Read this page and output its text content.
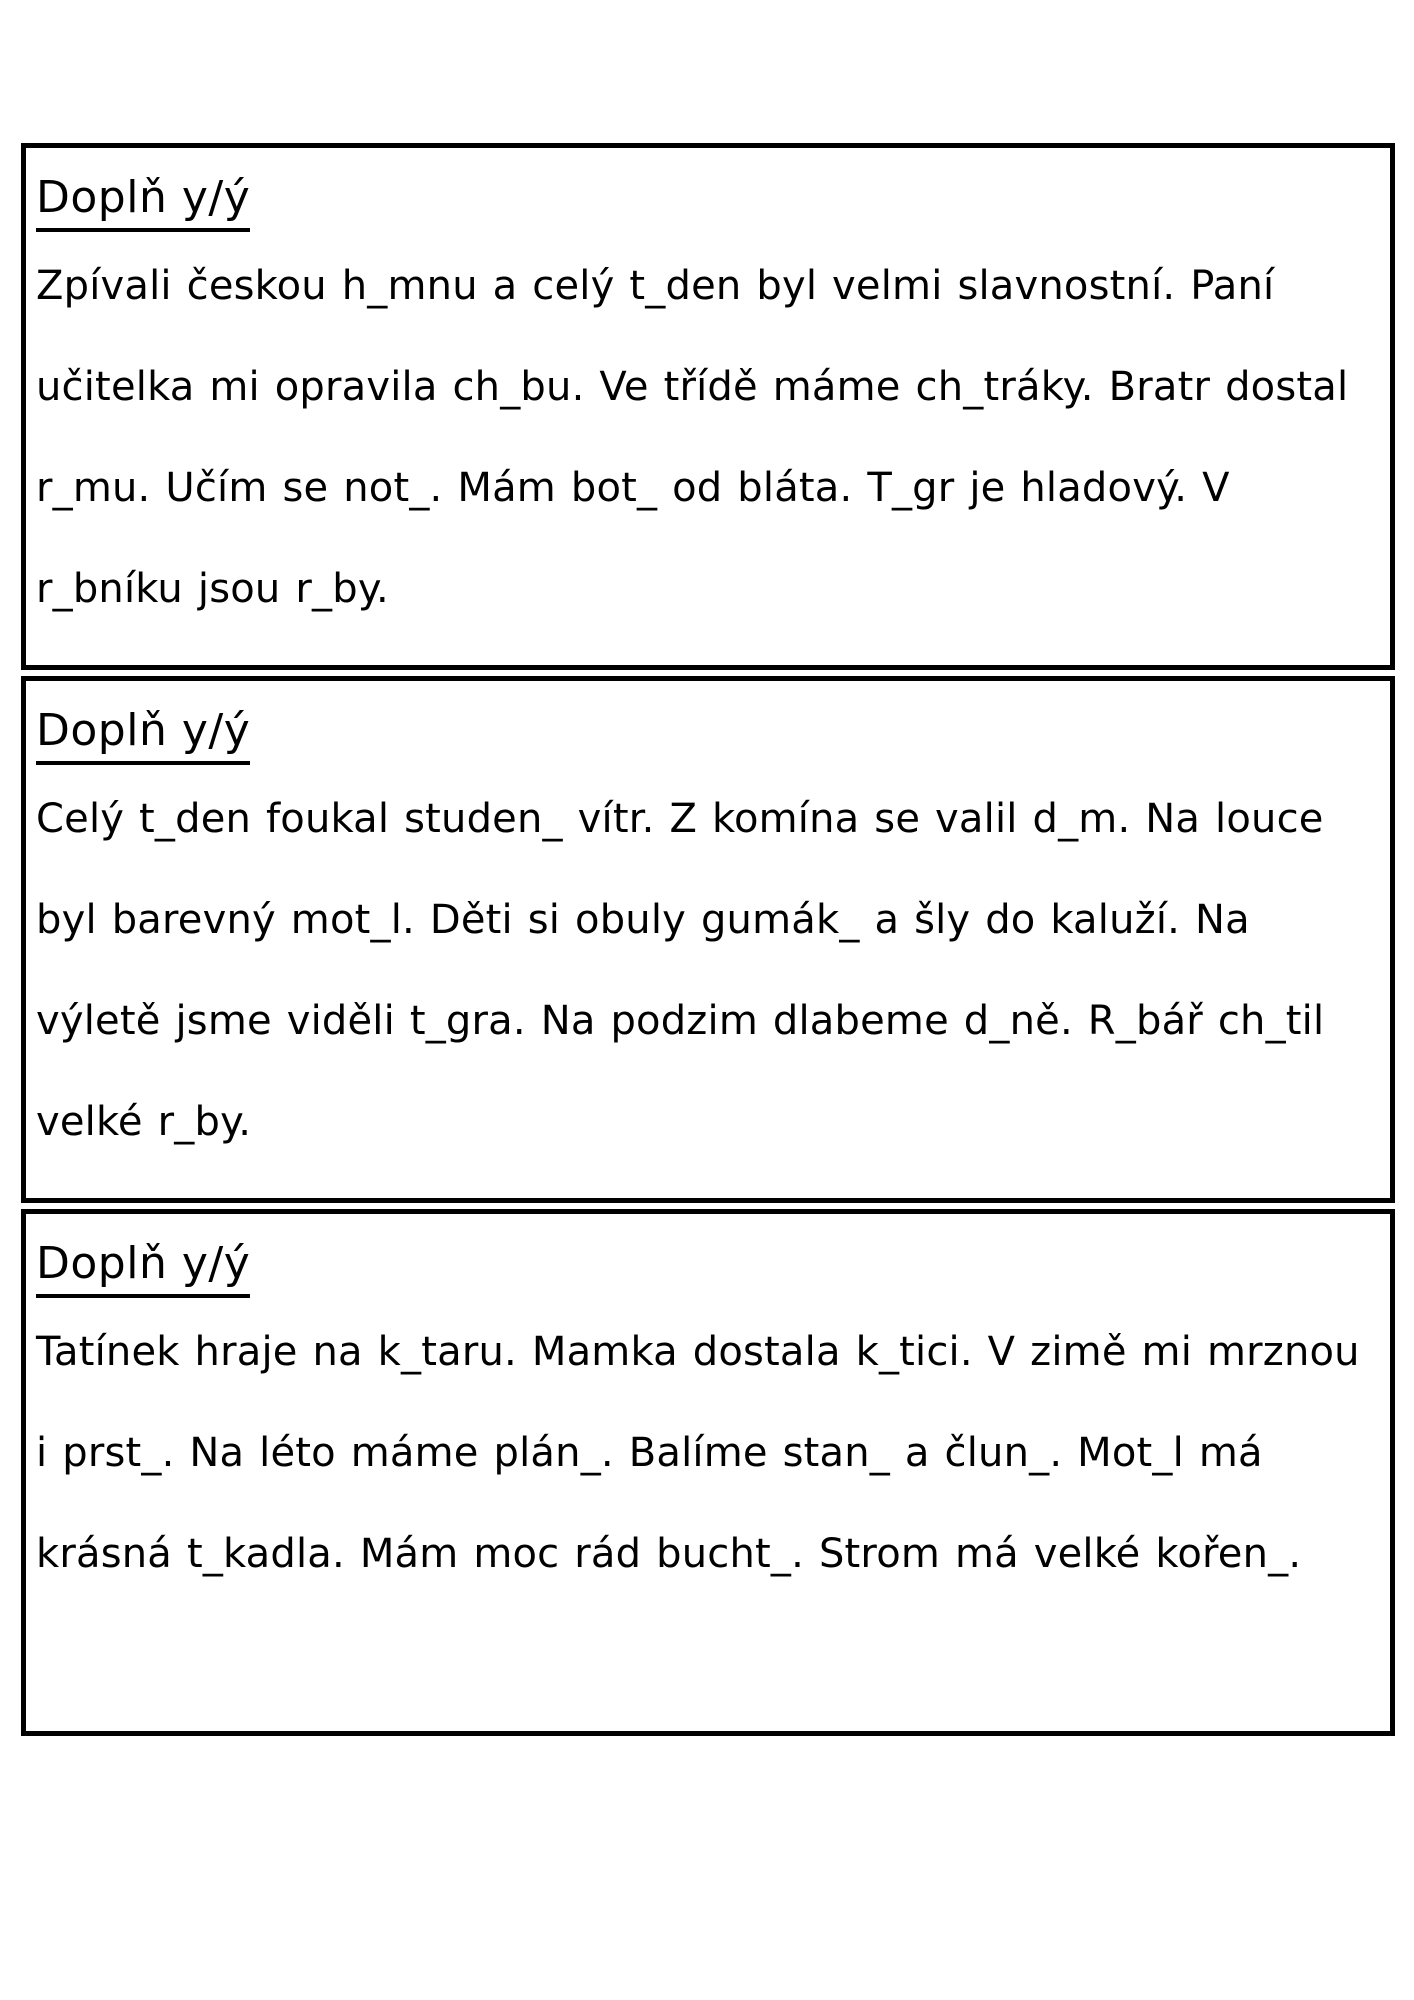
Doplň y/ý

Zpívali českou h_mnu a celý t_den byl velmi slavnostní. Paní učitelka mi opravila ch_bu. Ve třídě máme ch_tráky. Bratr dostal r_mu. Učím se not_. Mám bot_ od bláta. T_gr je hladový. V r_bníku jsou r_by.

Doplň y/ý

Celý t_den foukal studen_ vítr. Z komína se valil d_m. Na louce byl barevný mot_l. Děti si obuly gumák_ a šly do kaluží. Na výletě jsme viděli t_gra. Na podzim dlabeme d_ně. R_bář ch_til velké r_by.

Doplň y/ý

Tatínek hraje na k_taru. Mamka dostala k_tici. V zimě mi mrznou i prst_. Na léto máme plán_. Balíme stan_ a člun_. Mot_l má krásná t_kadla. Mám moc rád bucht_. Strom má velké kořen_.
